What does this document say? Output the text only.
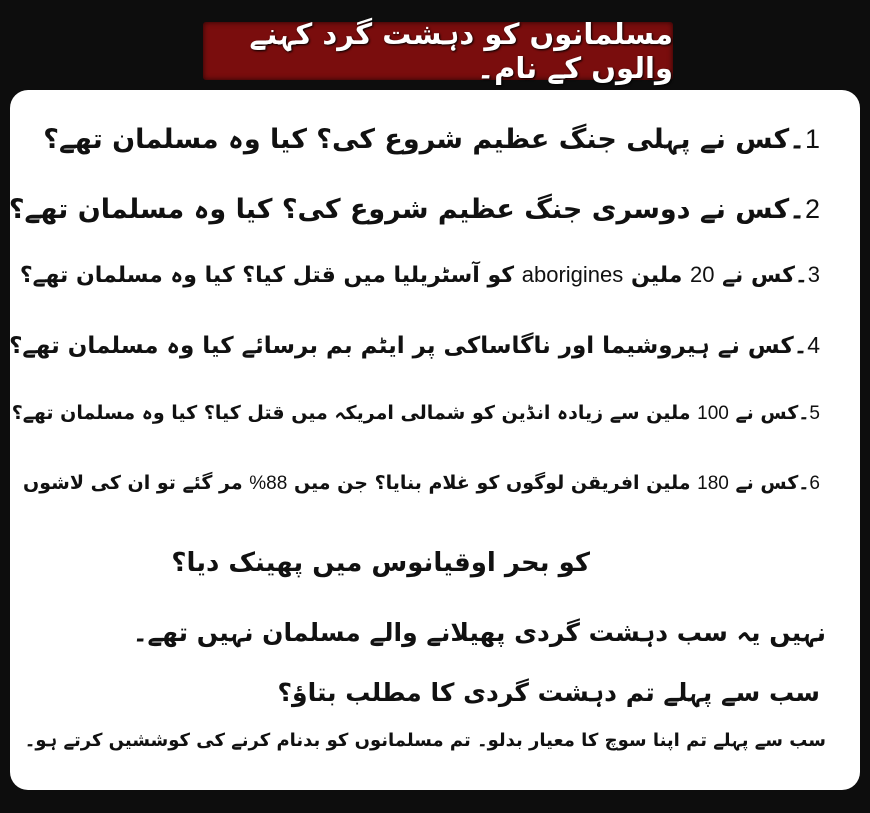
مسلمانوں کو دہشت گرد کہنے والوں کے نام۔
1۔کس نے پہلی جنگ عظیم شروع کی؟ کیا وہ مسلمان تھے؟
2۔کس نے دوسری جنگ عظیم شروع کی؟ کیا وہ مسلمان تھے؟
3۔کس نے 20 ملین aborigines کو آسٹریلیا میں قتل کیا؟ کیا وہ مسلمان تھے؟
4۔کس نے ہیروشیما اور ناگاساکی پر ایٹم بم برسائے کیا وہ مسلمان تھے؟
5۔کس نے 100 ملین سے زیادہ انڈین کو شمالی امریکہ میں قتل کیا؟ کیا وہ مسلمان تھے؟
6۔کس نے 180 ملین افریقن لوگوں کو غلام بنایا؟ جن میں 88% مر گئے تو ان کی لاشوں
کو بحر اوقیانوس میں پھینک دیا؟
نہیں یہ سب دہشت گردی پھیلانے والے مسلمان نہیں تھے۔
سب سے پہلے تم دہشت گردی کا مطلب بتاؤ؟
سب سے پہلے تم اپنا سوچ کا معیار بدلو۔ تم مسلمانوں کو بدنام کرنے کی کوششیں کرتے ہو۔
